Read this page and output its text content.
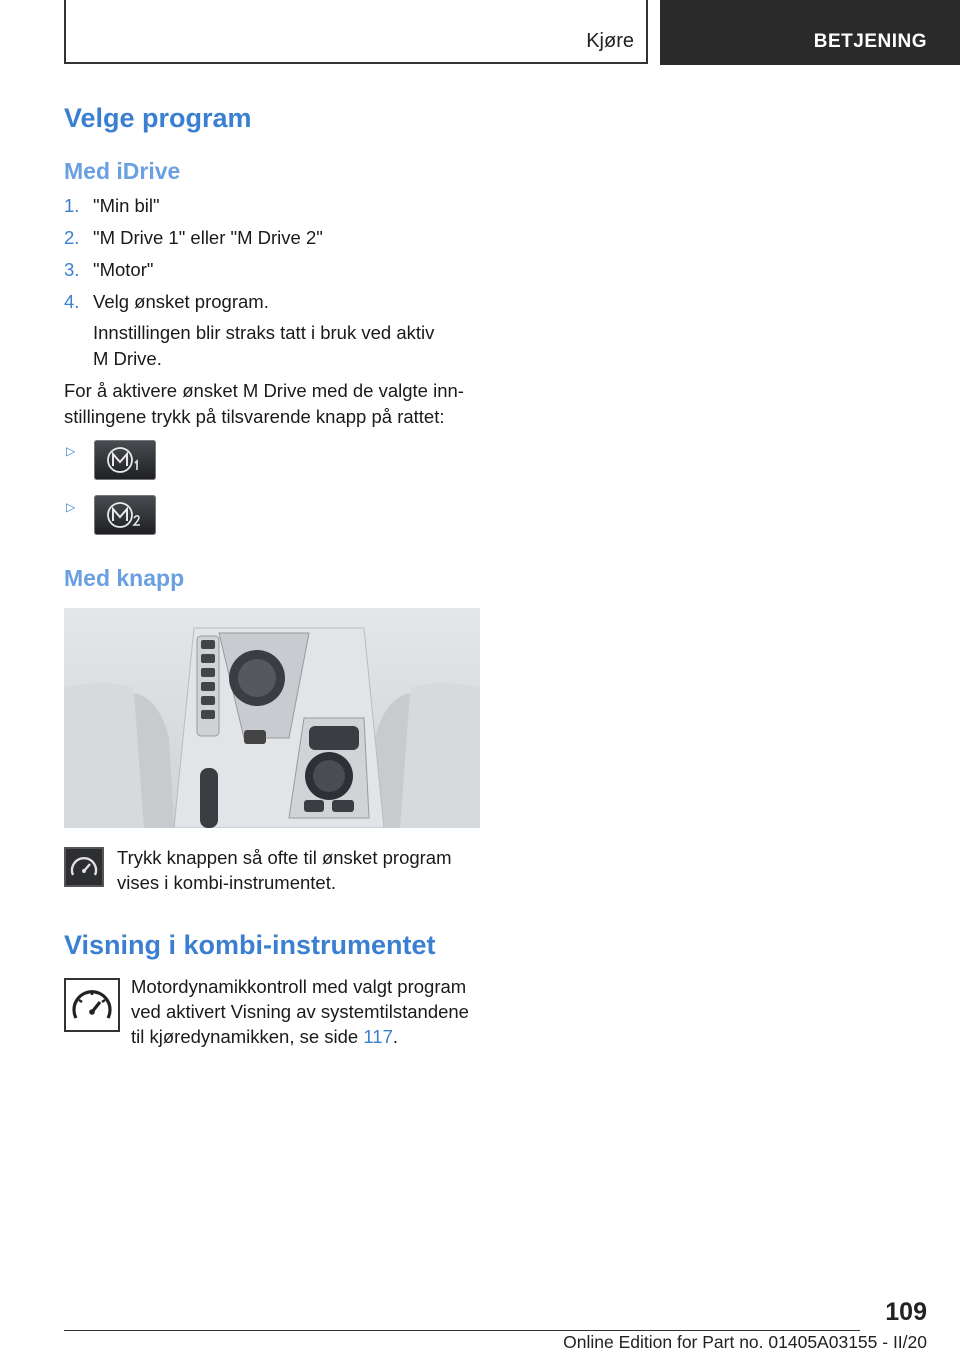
Kjøre	BETJENING
Velge program
Med iDrive
1. "Min bil"
2. "M Drive 1" eller "M Drive 2"
3. "Motor"
4. Velg ønsket program.
Innstillingen blir straks tatt i bruk ved aktiv
M Drive.
For å aktivere ønsket M Drive med de valgte inn-
stillingene trykk på tilsvarende knapp på rattet:
▷
▷
Med knapp
Trykk knappen så ofte til ønsket program
vises i kombi-instrumentet.
Visning i kombi-instrumentet
Motordynamikkontroll med valgt program
ved aktivert Visning av systemtilstandene
til kjøredynamikken, se side 117.
109
Online Edition for Part no. 01405A03155 - II/20
